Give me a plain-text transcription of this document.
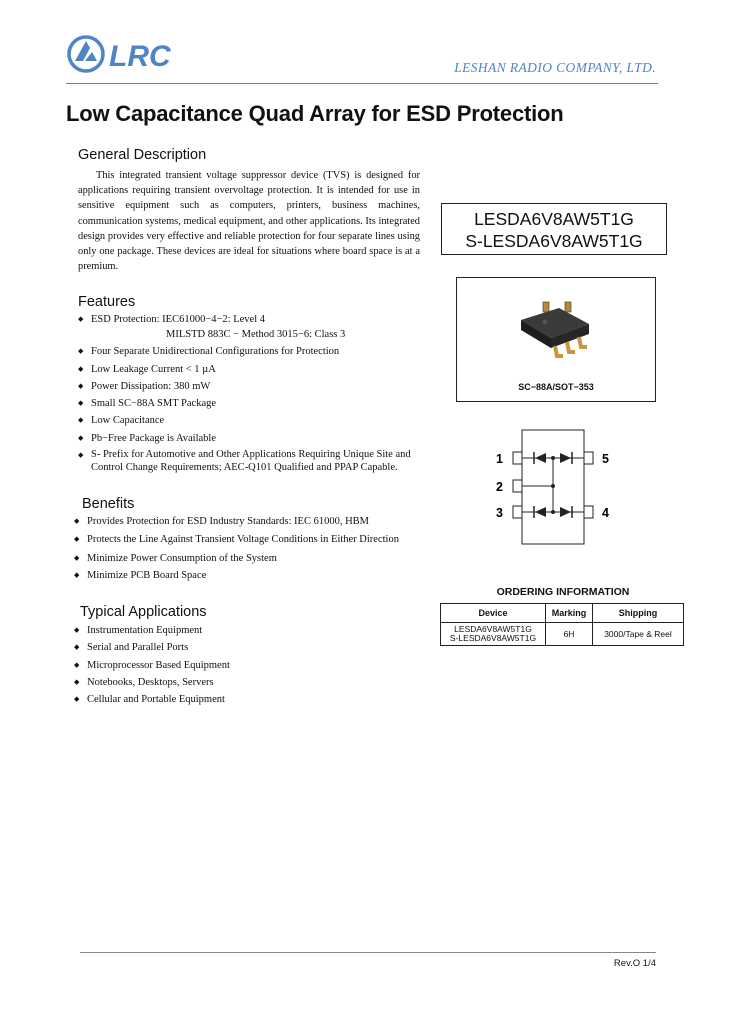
LRC	LESHAN RADIO COMPANY, LTD.
Low Capacitance Quad Array for ESD Protection
General Description

This integrated transient voltage suppressor device (TVS) is designed for applications requiring transient overvoltage protection. It is intended for use in sensitive equipment such as computers, printers, business machines, communication systems, medical equipment, and other applications. Its integrated design provides very effective and reliable protection for four separate lines using only one package. These devices are ideal for situations where board space is at a premium.

Features
◆ ESD Protection: IEC61000−4−2: Level 4
MILSTD 883C − Method 3015−6: Class 3
◆ Four Separate Unidirectional Configurations for Protection
◆ Low Leakage Current < 1 µA
◆ Power Dissipation: 380 mW
◆ Small SC−88A SMT Package
◆ Low Capacitance
◆ Pb−Free Package is Available
◆ S- Prefix for Automotive and Other Applications Requiring Unique Site and Control Change Requirements; AEC-Q101 Qualified and PPAP Capable.
Benefits
◆ Provides Protection for ESD Industry Standards: IEC 61000, HBM
◆ Protects the Line Against Transient Voltage Conditions in Either Direction
◆ Minimize Power Consumption of the System
◆ Minimize PCB Board Space
Typical Applications
◆ Instrumentation Equipment
◆ Serial and Parallel Ports
◆ Microprocessor Based Equipment
◆ Notebooks, Desktops, Servers
◆ Cellular and Portable Equipment
LESDA6V8AW5T1G
S-LESDA6V8AW5T1G
SC−88A/SOT−353
1
2
3
5
4
ORDERING INFORMATION
Device	Marking	Shipping

LESDA6V8AW5T1G
S-LESDA6V8AW5T1G	6H	3000/Tape & Reel
Rev.O 1/4
